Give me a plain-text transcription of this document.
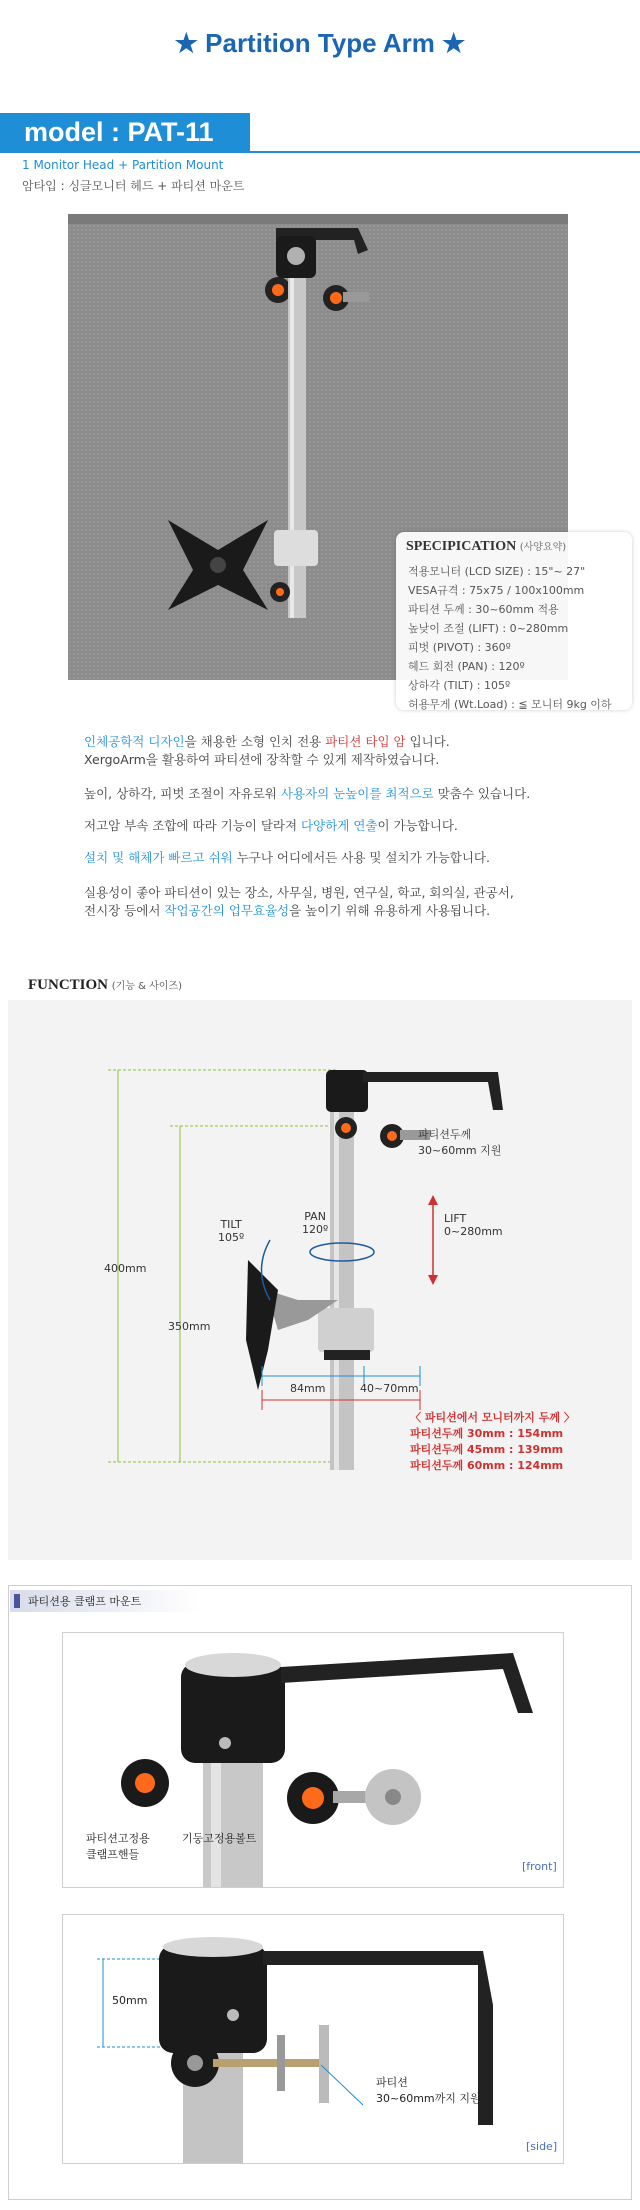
★ Partition Type Arm ★
model : PAT-11
1 Monitor Head + Partition Mount
암타입 : 싱글모니터 헤드 + 파티션 마운트
SPECIPICATION (사양요약)
적용모니터 (LCD SIZE) : 15"~ 27"
VESA규격 : 75x75 / 100x100mm
파티션 두께 : 30~60mm 적용
높낮이 조절 (LIFT) : 0~280mm
피벗 (PIVOT) : 360º
헤드 회전 (PAN) : 120º
상하각 (TILT) : 105º
허용무게 (Wt.Load) : ≦ 모니터 9kg 이하
인체공학적 디자인을 채용한 소형 인치 전용 파티션 타입 암 입니다.
XergoArm을 활용하여 파티션에 장착할 수 있게 제작하였습니다.
높이, 상하각, 피벗 조절이 자유로워 사용자의 눈높이를 최적으로 맞춤수 있습니다.
저고암 부속 조합에 따라 기능이 달라져 다양하게 연출이 가능합니다.
설치 및 해체가 빠르고 쉬워 누구나 어디에서든 사용 및 설치가 가능합니다.
실용성이 좋아 파티션이 있는 장소, 사무실, 병원, 연구실, 학교, 회의실, 관공서,
전시장 등에서 작업공간의 업무효율성을 높이기 위해 유용하게 사용됩니다.
FUNCTION (기능 & 사이즈)
400mm
350mm
84mm	40~70mm
TILT
105º
PAN
120º
LIFT
0~280mm
파티션두께
30~60mm 지원
〈 파티션에서 모니터까지 두께 〉
파티션두께 30mm : 154mm
파티션두께 45mm : 139mm
파티션두께 60mm : 124mm
파티션용 클램프 마운트
파티션고정용
클램프핸들
기둥고정용볼트
[front]
50mm
파티션
30~60mm까지 지원
[side]
